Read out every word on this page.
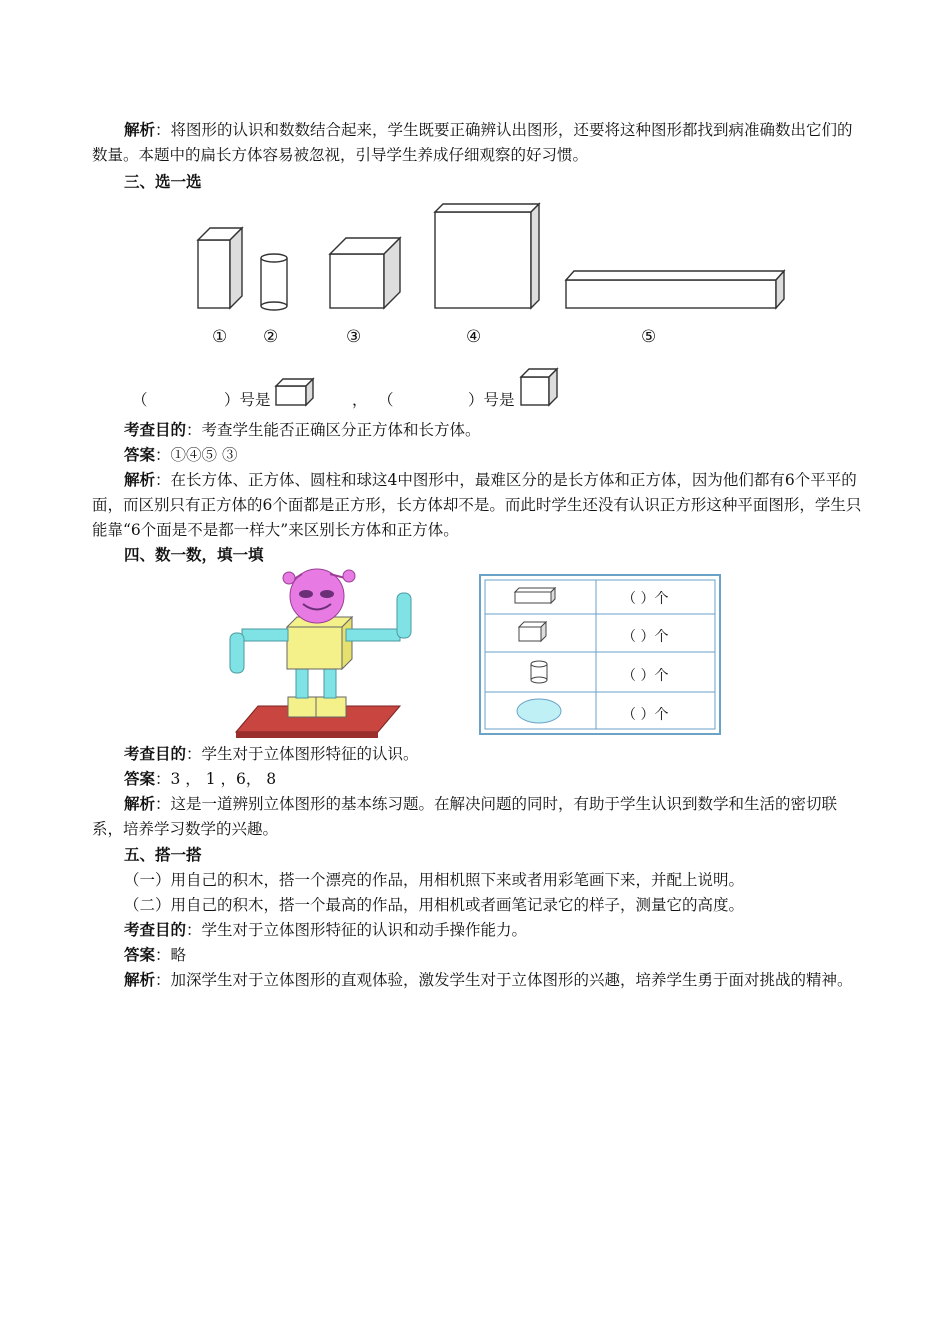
解析：将图形的认识和数数结合起来，学生既要正确辨认出图形，还要将这种图形都找到病准确数出它们的数量。本题中的扁长方体容易被忽视，引导学生养成仔细观察的好习惯。
三、选一选
① ②	③	④	⑤
（	）号是	， （	）号是
考查目的：考查学生能否正确区分正方体和长方体。
答案：①④⑤ ③
解析：在长方体、正方体、圆柱和球这4中图形中，最难区分的是长方体和正方体，因为他们都有6个平平的面，而区别只有正方体的6个面都是正方形，长方体却不是。而此时学生还没有认识正方形这种平面图形，学生只能靠“6个面是不是都一样大”来区别长方体和正方体。
四、数一数，填一填
（ ）个
（ ）个
（ ）个
（ ）个
考查目的：学生对于立体图形特征的认识。
答案：3 ， 1 ，6， 8
解析：这是一道辨别立体图形的基本练习题。在解决问题的同时，有助于学生认识到数学和生活的密切联系，培养学习数学的兴趣。
五、搭一搭
（一）用自己的积木，搭一个漂亮的作品，用相机照下来或者用彩笔画下来，并配上说明。
（二）用自己的积木，搭一个最高的作品，用相机或者画笔记录它的样子，测量它的高度。
考查目的：学生对于立体图形特征的认识和动手操作能力。
答案：略
解析：加深学生对于立体图形的直观体验，激发学生对于立体图形的兴趣，培养学生勇于面对挑战的精神。
